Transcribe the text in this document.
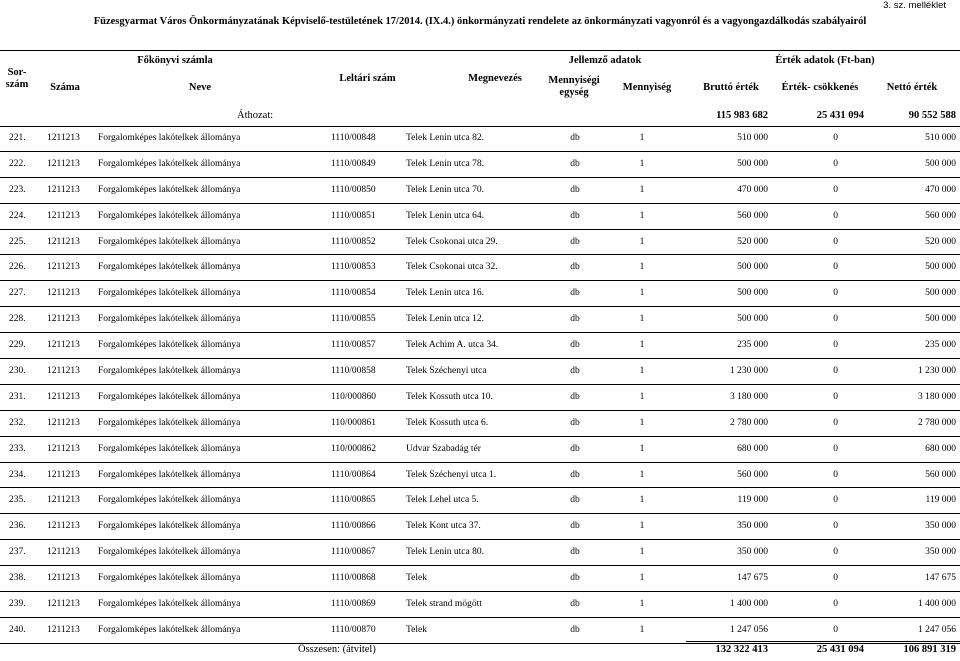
3. sz. melléklet
Füzesgyarmat Város Önkormányzatának Képviselő-testületének 17/2014. (IX.4.) önkormányzati rendelete az önkormányzati vagyonról és a vagyongazdálkodás szabályairól
Sor-szám
Főkönyvi számla
Száma	Neve
Leltári szám	Megnevezés
Jellemző adatok
Mennyiségi egység	Mennyiség
Érték adatok (Ft-ban)
Bruttó érték	Érték- csökkenés	Nettó érték
Áthozat:	115 983 682	25 431 094	90 552 588
221. 1211213 Forgalomképes lakótelkek állománya	1110/00848	Telek Lenin utca 82.	db	1	510 000	0	510 000
222. 1211213 Forgalomképes lakótelkek állománya	1110/00849	Telek Lenin utca 78.	db	1	500 000	0	500 000
223. 1211213 Forgalomképes lakótelkek állománya	1110/00850	Telek Lenin utca 70.	db	1	470 000	0	470 000
224. 1211213 Forgalomképes lakótelkek állománya	1110/00851	Telek Lenin utca 64.	db	1	560 000	0	560 000
225. 1211213 Forgalomképes lakótelkek állománya	1110/00852	Telek Csokonai utca 29.	db	1	520 000	0	520 000
226. 1211213 Forgalomképes lakótelkek állománya	1110/00853	Telek Csokonai utca 32.	db	1	500 000	0	500 000
227. 1211213 Forgalomképes lakótelkek állománya	1110/00854	Telek Lenin utca 16.	db	1	500 000	0	500 000
228. 1211213 Forgalomképes lakótelkek állománya	1110/00855	Telek Lenin utca 12.	db	1	500 000	0	500 000
229. 1211213 Forgalomképes lakótelkek állománya	1110/00857	Telek Achim A. utca 34.	db	1	235 000	0	235 000
230. 1211213 Forgalomképes lakótelkek állománya	1110/00858	Telek Széchenyi utca	db	1	1 230 000	0	1 230 000
231. 1211213 Forgalomképes lakótelkek állománya	110/000860	Telek Kossuth utca 10.	db	1	3 180 000	0	3 180 000
232. 1211213 Forgalomképes lakótelkek állománya	110/000861	Telek Kossuth utca 6.	db	1	2 780 000	0	2 780 000
233. 1211213 Forgalomképes lakótelkek állománya	110/000862	Udvar Szabadág tér	db	1	680 000	0	680 000
234. 1211213 Forgalomképes lakótelkek állománya	1110/00864	Telek Széchenyi utca 1.	db	1	560 000	0	560 000
235. 1211213 Forgalomképes lakótelkek állománya	1110/00865	Telek Lehel utca 5.	db	1	119 000	0	119 000
236. 1211213 Forgalomképes lakótelkek állománya	1110/00866	Telek Kont utca 37.	db	1	350 000	0	350 000
237. 1211213 Forgalomképes lakótelkek állománya	1110/00867	Telek Lenin utca 80.	db	1	350 000	0	350 000
238. 1211213 Forgalomképes lakótelkek állománya	1110/00868	Telek	db	1	147 675	0	147 675
239. 1211213 Forgalomképes lakótelkek állománya	1110/00869	Telek strand mögött	db	1	1 400 000	0	1 400 000
240. 1211213 Forgalomképes lakótelkek állománya	1110/00870	Telek	db	1	1 247 056	0	1 247 056
Összesen: (átvitel)	132 322 413	25 431 094	106 891 319
